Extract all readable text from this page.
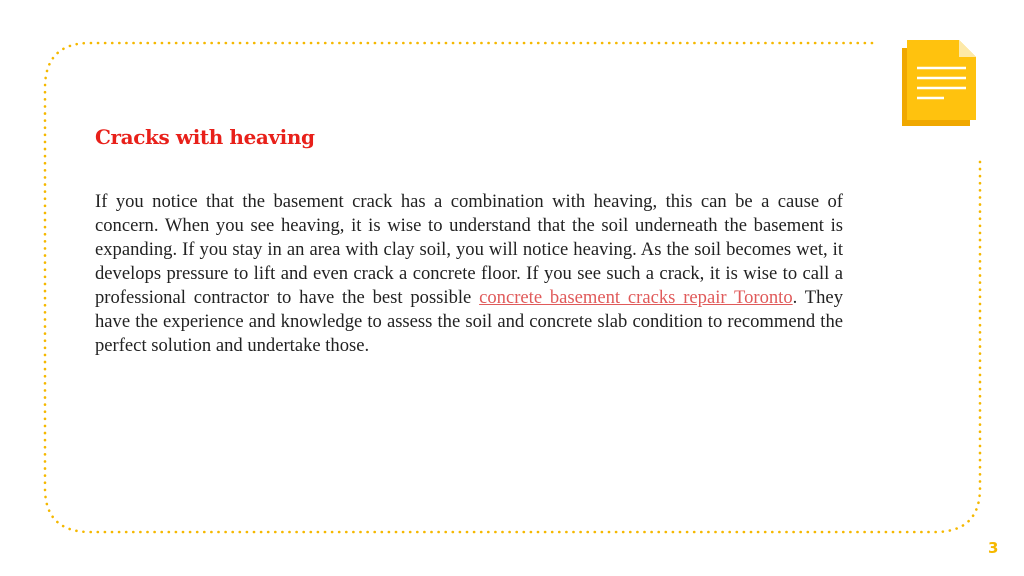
Cracks with heaving

If you notice that the basement crack has a combination with heaving, this can be a cause of concern. When you see heaving, it is wise to understand that the soil underneath the basement is expanding. If you stay in an area with clay soil, you will notice heaving. As the soil becomes wet, it develops pressure to lift and even crack a concrete floor. If you see such a crack, it is wise to call a professional contractor to have the best possible concrete basement cracks repair Toronto. They have the experience and knowledge to assess the soil and concrete slab condition to recommend the perfect solution and undertake those.

3
